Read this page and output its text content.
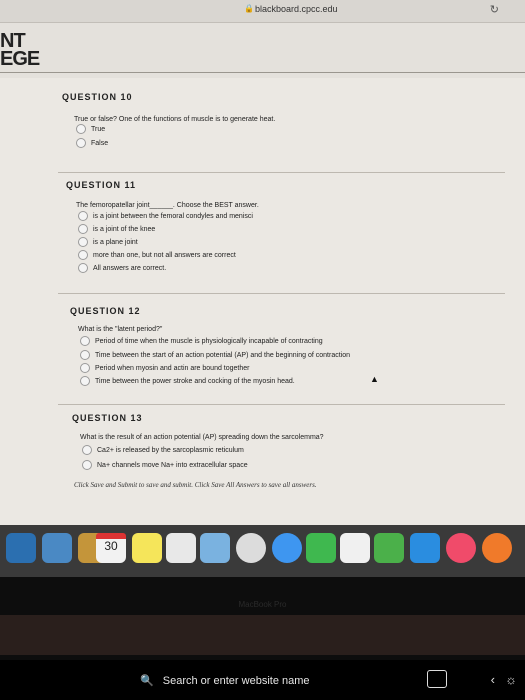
🔒 blackboard.cpcc.edu	↻
NT
EGE
QUESTION 10
True or false? One of the functions of muscle is to generate heat.
True
False
QUESTION 11
The femoropatellar joint______. Choose the BEST answer.
is a joint between the femoral condyles and menisci
is a joint of the knee
is a plane joint
more than one, but not all answers are correct
All answers are correct.
QUESTION 12
What is the "latent period?"
Period of time when the muscle is physiologically incapable of contracting
Time between the start of an action potential (AP) and the beginning of contraction
Period when myosin and actin are bound together
Time between the power stroke and cocking of the myosin head.
QUESTION 13
What is the result of an action potential (AP) spreading down the sarcolemma?
Ca2+ is released by the sarcoplasmic reticulum
Na+ channels move Na+ into extracellular space
Click Save and Submit to save and submit. Click Save All Answers to save all answers.
▲
30
MacBook Pro
🔍 Search or enter website name	‹ ☼
